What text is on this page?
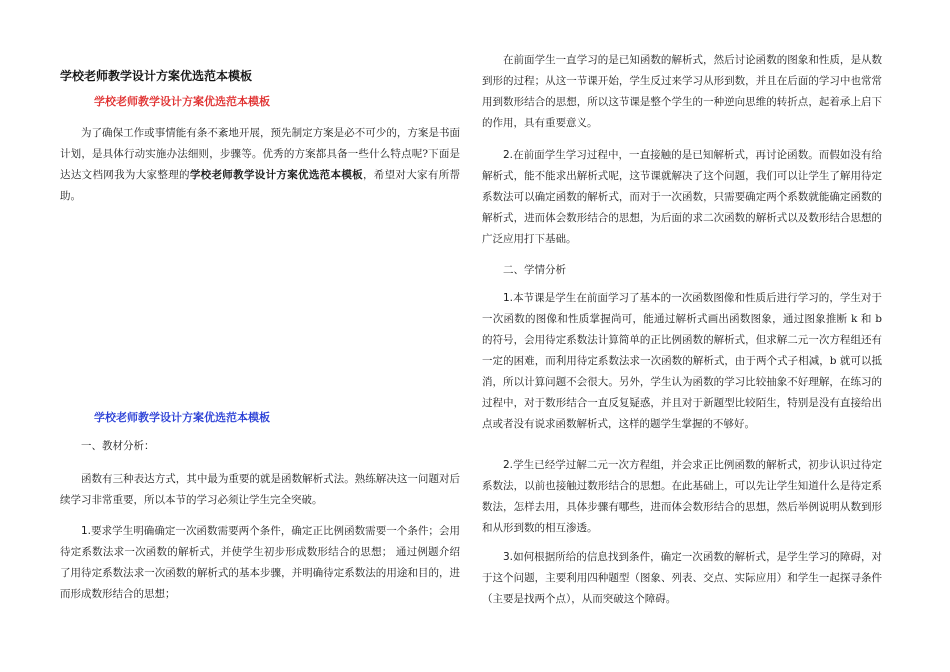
学校老师教学设计方案优选范本模板

学校老师教学设计方案优选范本模板

为了确保工作或事情能有条不紊地开展，预先制定方案是必不可少的，方案是书面计划，是具体行动实施办法细则，步骤等。优秀的方案都具备一些什么特点呢?下面是达达文档网我为大家整理的学校老师教学设计方案优选范本模板，希望对大家有所帮助。

学校老师教学设计方案优选范本模板

一、教材分析：

函数有三种表达方式，其中最为重要的就是函数解析式法。熟练解决这一问题对后续学习非常重要，所以本节的学习必须让学生完全突破。

1.要求学生明确确定一次函数需要两个条件，确定正比例函数需要一个条件；会用待定系数法求一次函数的解析式，并使学生初步形成数形结合的思想； 通过例题介绍了用待定系数法求一次函数的解析式的基本步骤，并明确待定系数法的用途和目的，进而形成数形结合的思想；

在前面学生一直学习的是已知函数的解析式，然后讨论函数的图象和性质，是从数到形的过程；从这一节课开始，学生反过来学习从形到数，并且在后面的学习中也常常用到数形结合的思想，所以这节课是整个学生的一种逆向思维的转折点，起着承上启下的作用，具有重要意义。

2.在前面学生学习过程中，一直接触的是已知解析式，再讨论函数。而假如没有给解析式，能不能求出解析式呢，这节课就解决了这个问题，我们可以让学生了解用待定系数法可以确定函数的解析式，而对于一次函数，只需要确定两个系数就能确定函数的解析式，进而体会数形结合的思想，为后面的求二次函数的解析式以及数形结合思想的广泛应用打下基础。

二、学情分析

1.本节课是学生在前面学习了基本的一次函数图像和性质后进行学习的，学生对于一次函数的图像和性质掌握尚可，能通过解析式画出函数图象，通过图象推断 k 和 b 的符号，会用待定系数法计算简单的正比例函数的解析式，但求解二元一次方程组还有一定的困难，而利用待定系数法求一次函数的解析式，由于两个式子相减，b 就可以抵消，所以计算问题不会很大。另外，学生认为函数的学习比较抽象不好理解，在练习的过程中，对于数形结合一直反复疑惑，并且对于新题型比较陌生，特别是没有直接给出点或者没有说求函数解析式，这样的题学生掌握的不够好。

2.学生已经学过解二元一次方程组，并会求正比例函数的解析式，初步认识过待定系数法，以前也接触过数形结合的思想。在此基础上，可以先让学生知道什么是待定系数法，怎样去用，具体步骤有哪些，进而体会数形结合的思想，然后举例说明从数到形和从形到数的相互渗透。

3.如何根据所给的信息找到条件，确定一次函数的解析式，是学生学习的障碍，对于这个问题，主要利用四种题型（图象、列表、交点、实际应用）和学生一起探寻条件（主要是找两个点），从而突破这个障碍。
